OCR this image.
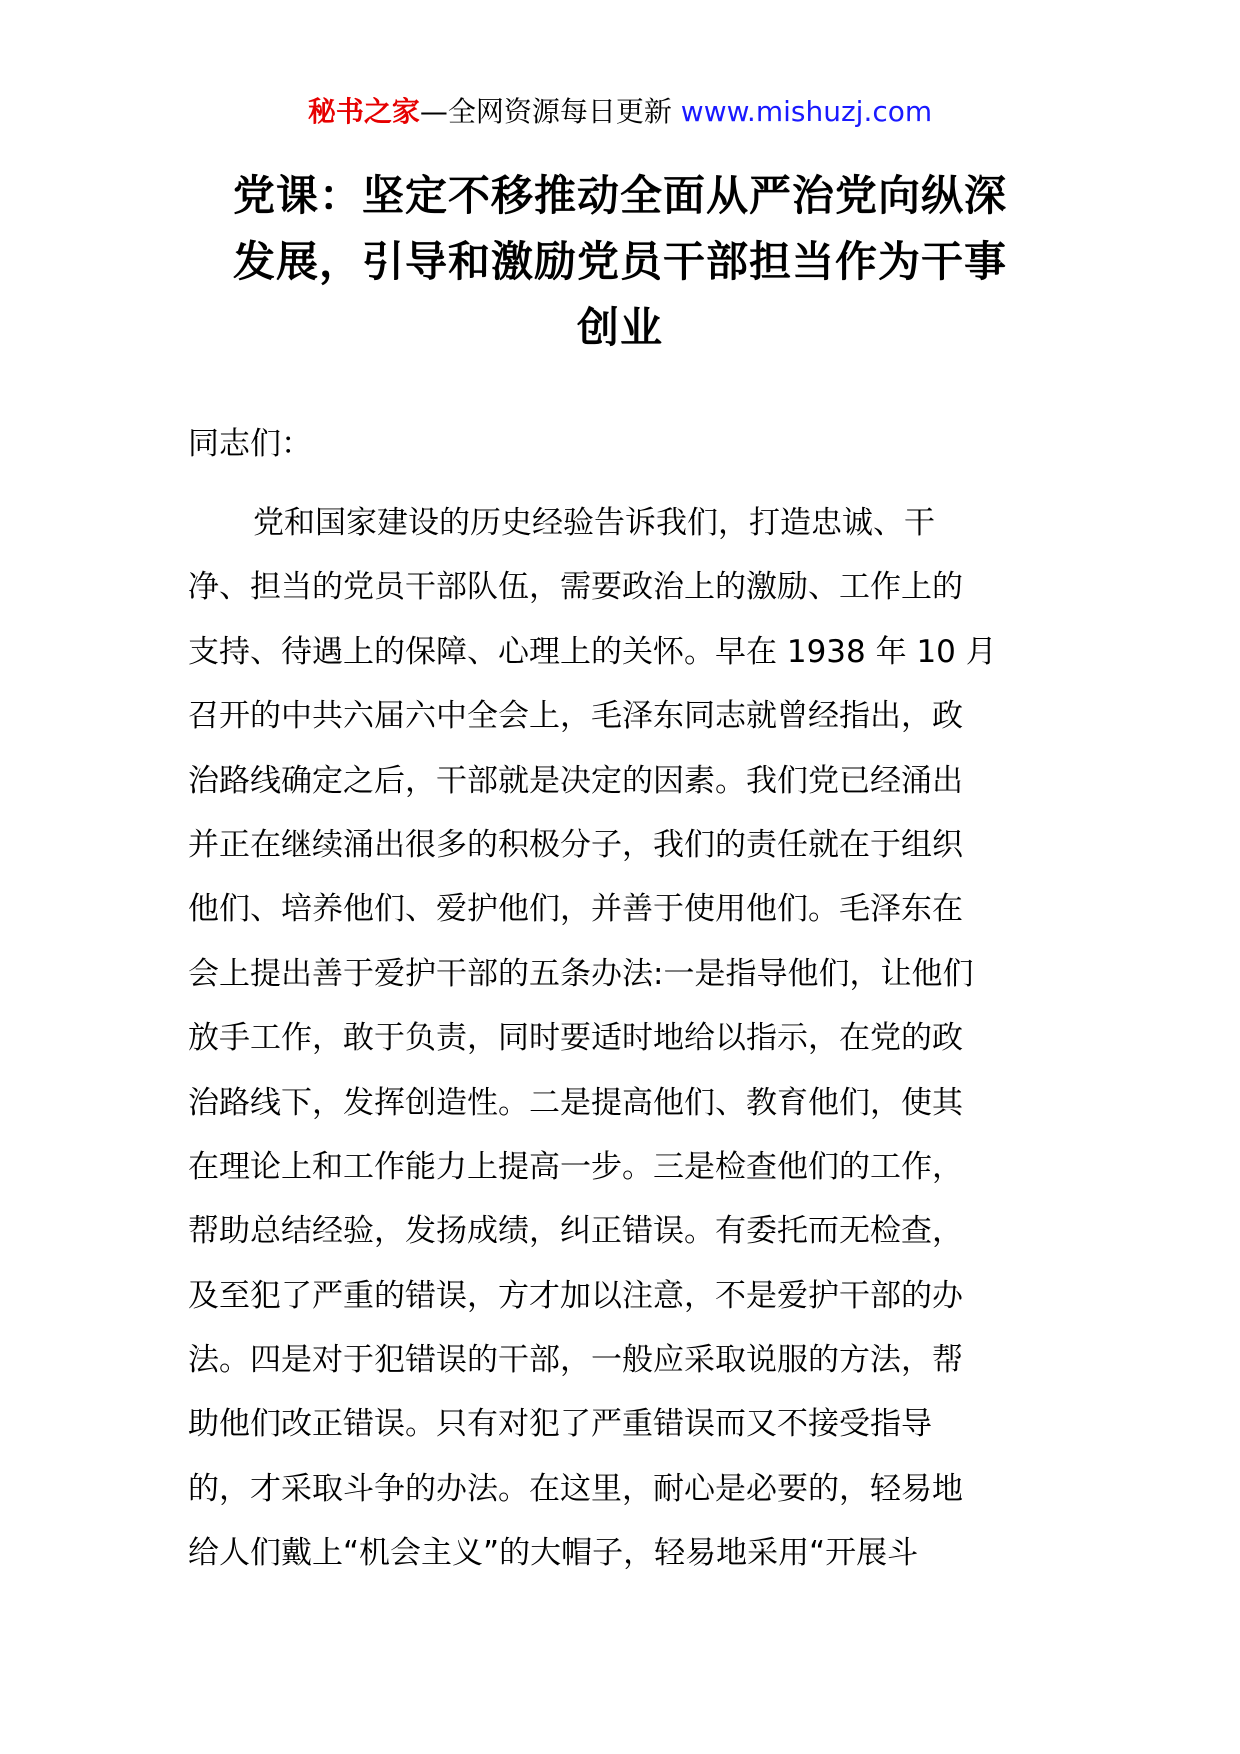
秘书之家—全网资源每日更新 www.mishuzj.com
党课：坚定不移推动全面从严治党向纵深
发展，引导和激励党员干部担当作为干事
创业
同志们：
党和国家建设的历史经验告诉我们，打造忠诚、干
净、担当的党员干部队伍，需要政治上的激励、工作上的
支持、待遇上的保障、心理上的关怀。早在 1938 年 10 月
召开的中共六届六中全会上，毛泽东同志就曾经指出，政
治路线确定之后，干部就是决定的因素。我们党已经涌出
并正在继续涌出很多的积极分子，我们的责任就在于组织
他们、培养他们、爱护他们，并善于使用他们。毛泽东在
会上提出善于爱护干部的五条办法:一是指导他们，让他们
放手工作，敢于负责，同时要适时地给以指示，在党的政
治路线下，发挥创造性。二是提高他们、教育他们，使其
在理论上和工作能力上提高一步。三是检查他们的工作，
帮助总结经验，发扬成绩，纠正错误。有委托而无检查，
及至犯了严重的错误，方才加以注意，不是爱护干部的办
法。四是对于犯错误的干部，一般应采取说服的方法，帮
助他们改正错误。只有对犯了严重错误而又不接受指导
的，才采取斗争的办法。在这里，耐心是必要的，轻易地
给人们戴上“机会主义”的大帽子，轻易地采用“开展斗
